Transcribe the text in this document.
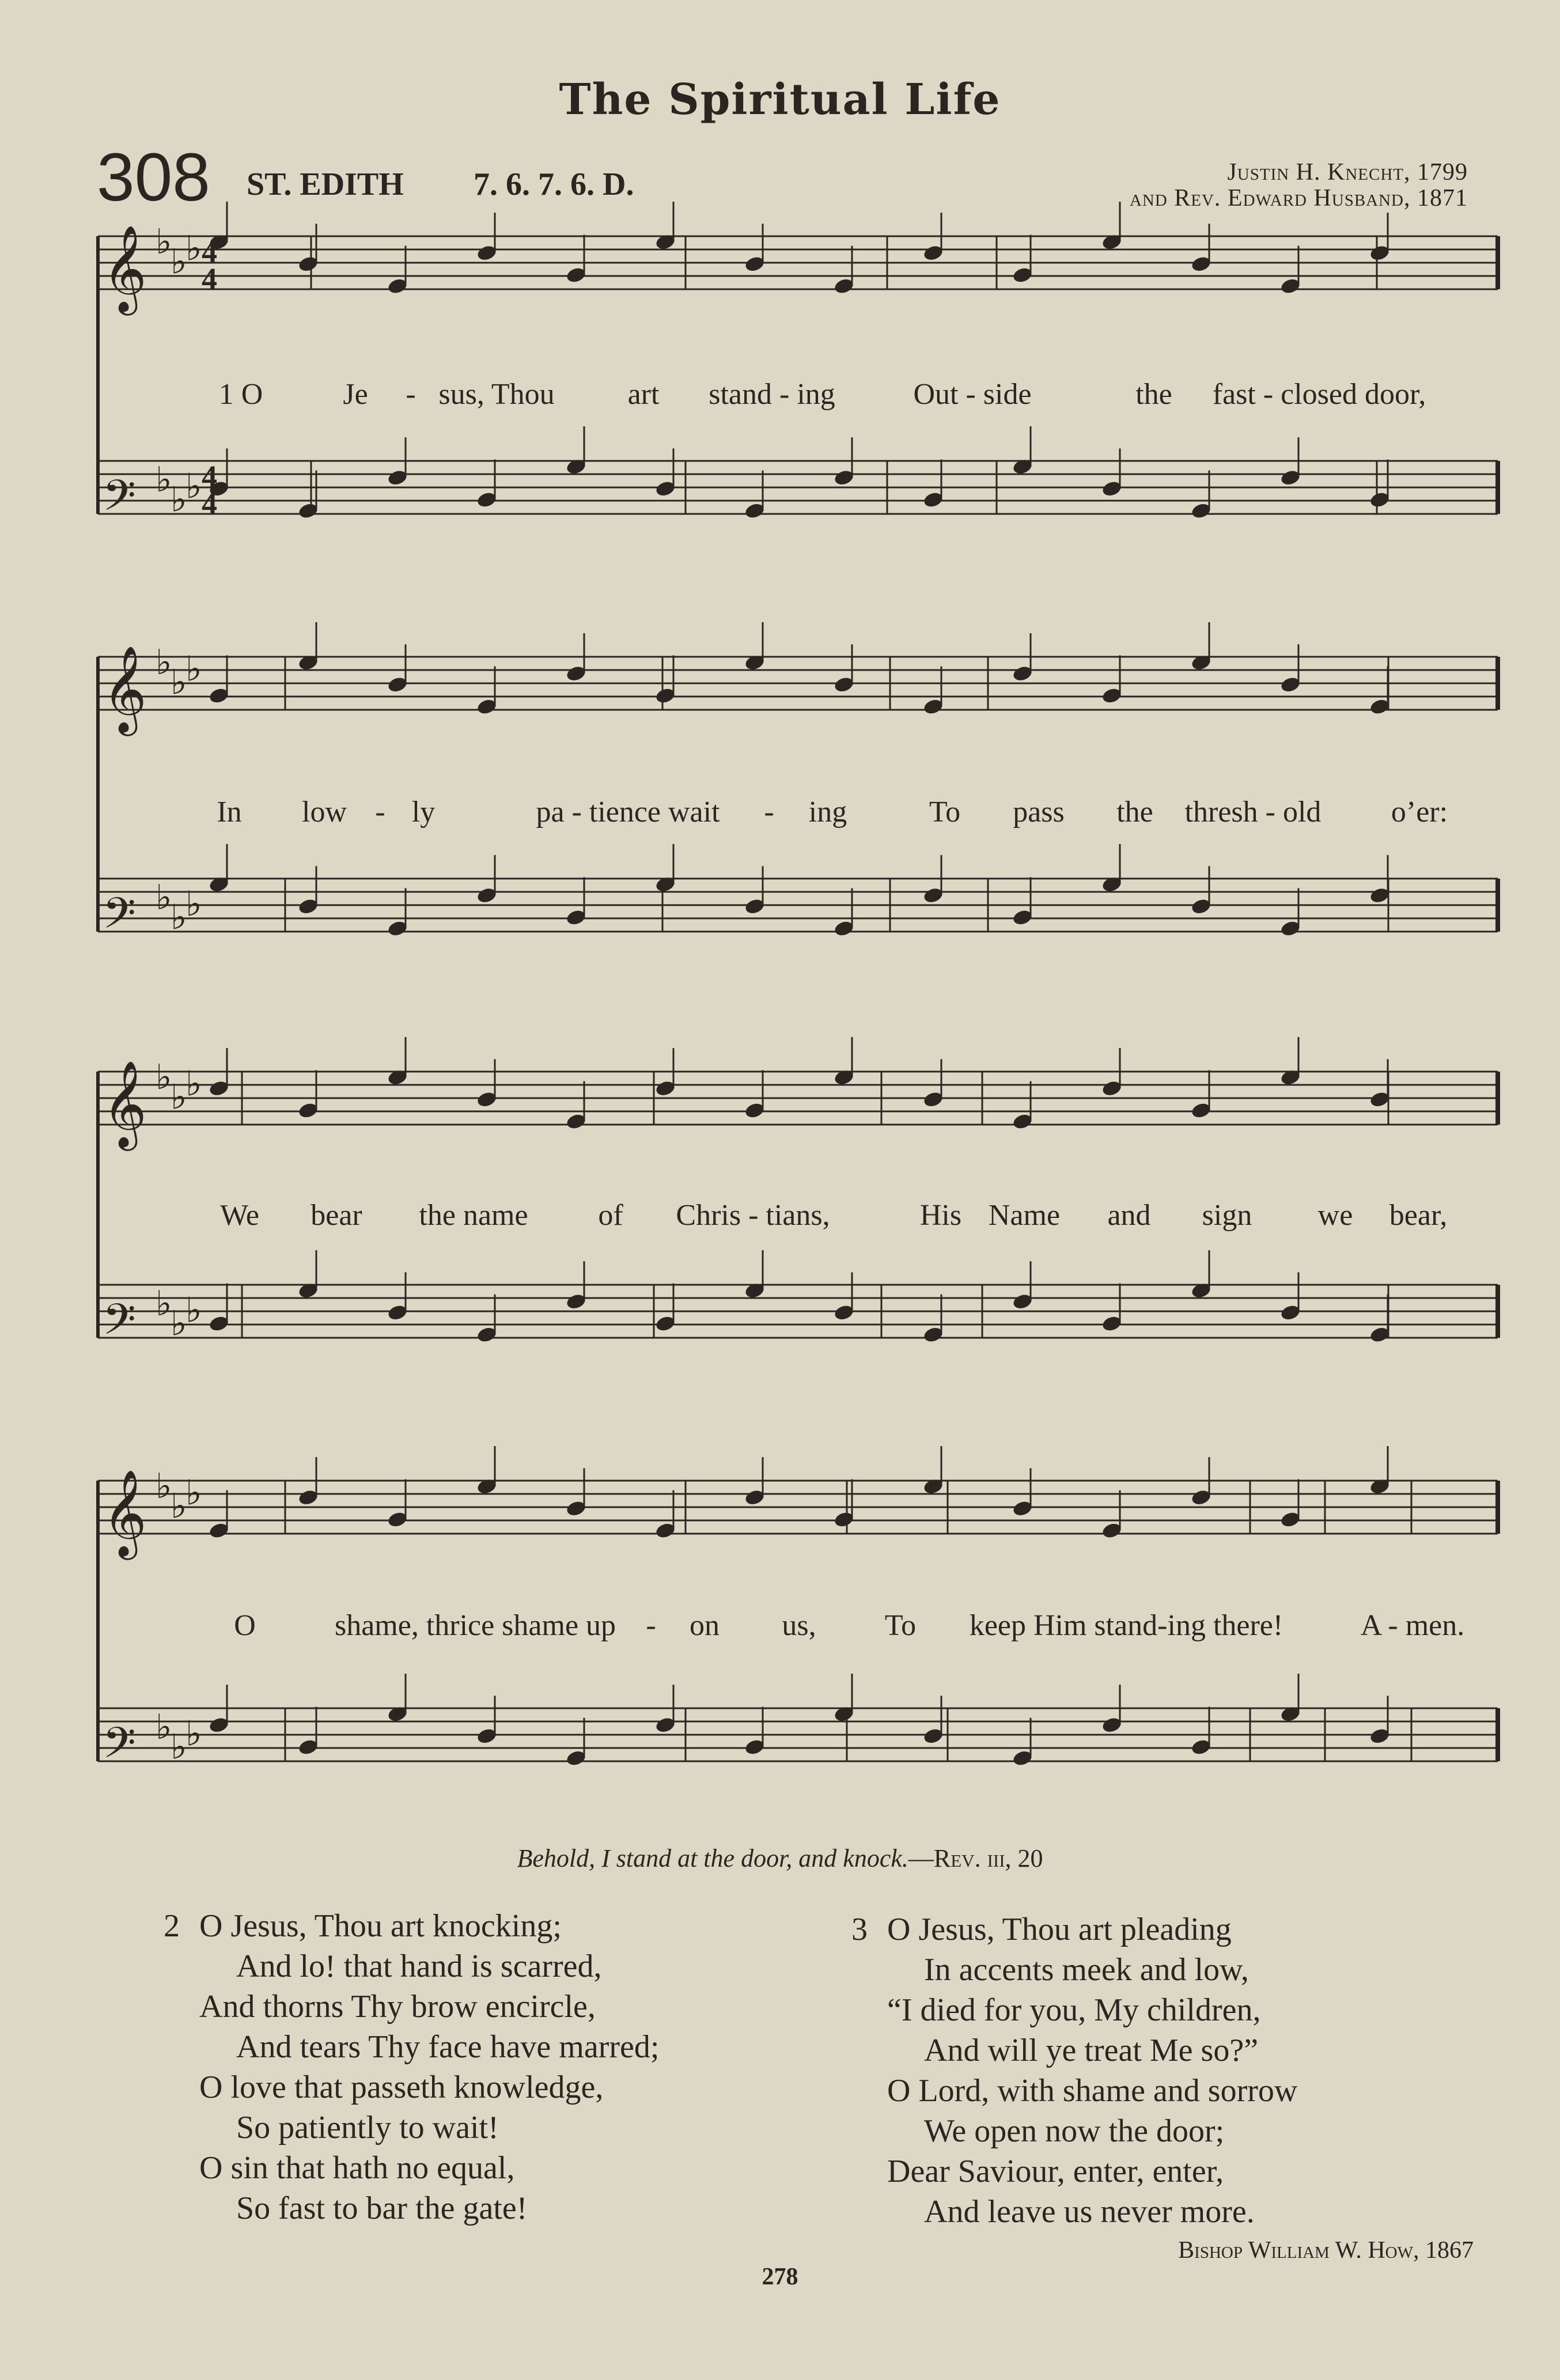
The Spiritual Life
308 ST. EDITH 7. 6. 7. 6. D.	Justin H. Knecht, 1799
and Rev. Edward Husband, 1871
𝄞 ♭
♭
♭
𝄢 ♭
♭
♭
𝄞 ♭
♭
♭
𝄢 ♭
♭
♭
𝄞 ♭
♭
♭
𝄢 ♭
♭
♭
𝄞 ♭
♭
♭
𝄢 ♭
♭
♭
4
4
4
4
1 O	Je - sus, Thou art stand - ing	Out - side	the fast - closed door,
In low - ly	pa - tience wait - ing	To pass the thresh - old o’er:
We bear the name of Chris - tians,	His Name and sign we bear,
O	shame, thrice shame up - on us, To keep Him stand-ing there!	A - men.
Behold, I stand at the door, and knock.—Rev. iii, 20
2 O Jesus, Thou art knocking;
And lo! that hand is scarred,
And thorns Thy brow encircle,
And tears Thy face have marred;
O love that passeth knowledge,
So patiently to wait!
O sin that hath no equal,
So fast to bar the gate!
3 O Jesus, Thou art pleading
In accents meek and low,
“I died for you, My children,
And will ye treat Me so?”
O Lord, with shame and sorrow
We open now the door;
Dear Saviour, enter, enter,
And leave us never more.
Bishop William W. How, 1867
278
